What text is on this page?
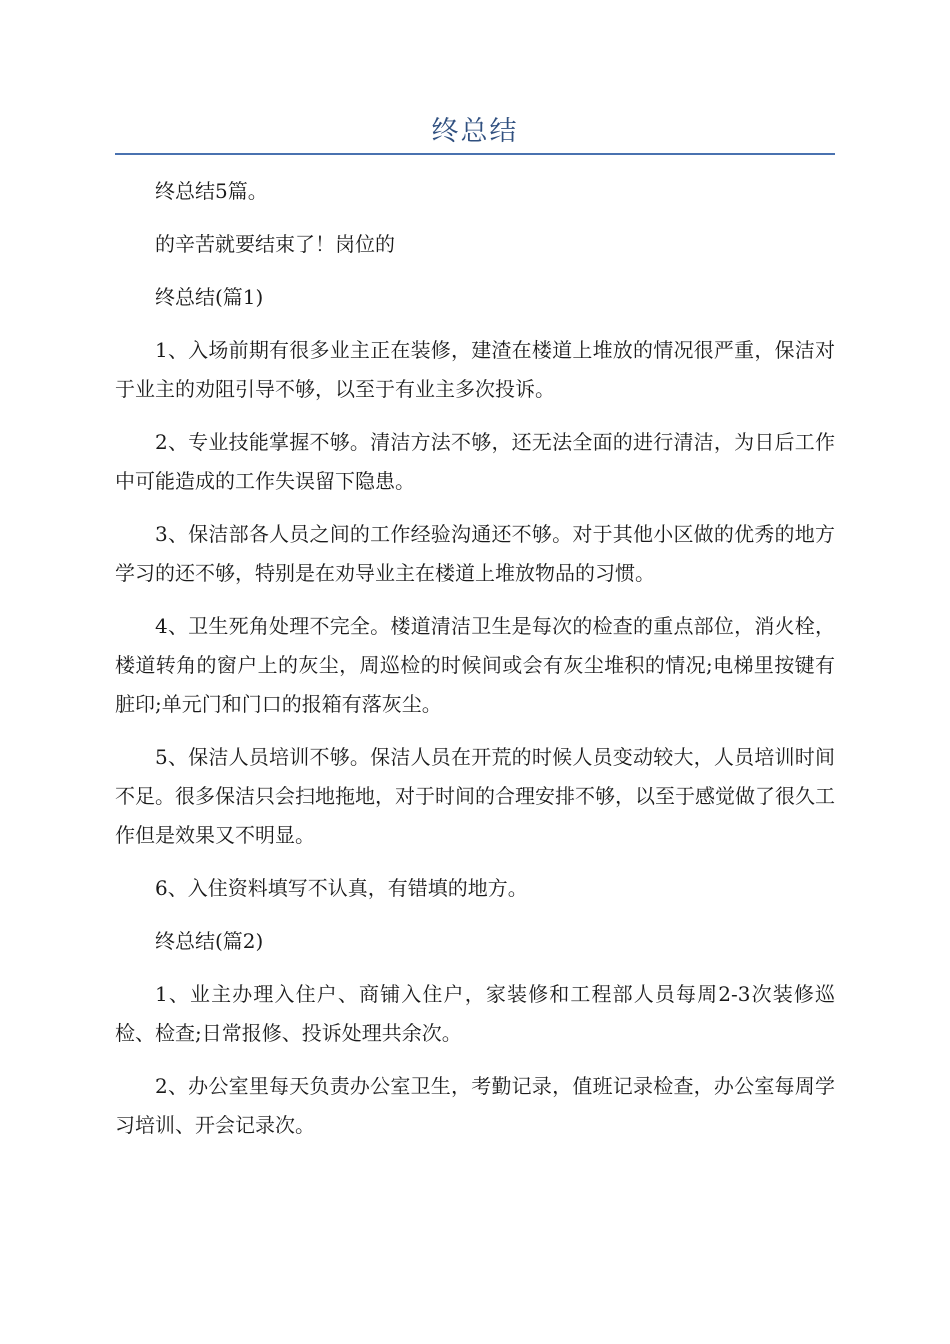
终总结

终总结5篇。

的辛苦就要结束了！岗位的

终总结(篇1)

1、入场前期有很多业主正在装修，建渣在楼道上堆放的情况很严重，保洁对于业主的劝阻引导不够，以至于有业主多次投诉。

2、专业技能掌握不够。清洁方法不够，还无法全面的进行清洁，为日后工作中可能造成的工作失误留下隐患。

3、保洁部各人员之间的工作经验沟通还不够。对于其他小区做的优秀的地方学习的还不够，特别是在劝导业主在楼道上堆放物品的习惯。

4、卫生死角处理不完全。楼道清洁卫生是每次的检查的重点部位，消火栓，楼道转角的窗户上的灰尘，周巡检的时候间或会有灰尘堆积的情况;电梯里按键有脏印;单元门和门口的报箱有落灰尘。

5、保洁人员培训不够。保洁人员在开荒的时候人员变动较大，人员培训时间不足。很多保洁只会扫地拖地，对于时间的合理安排不够，以至于感觉做了很久工作但是效果又不明显。

6、入住资料填写不认真，有错填的地方。

终总结(篇2)

1、业主办理入住户、商铺入住户，家装修和工程部人员每周2-3次装修巡检、检查;日常报修、投诉处理共余次。

2、办公室里每天负责办公室卫生，考勤记录，值班记录检查，办公室每周学习培训、开会记录次。
